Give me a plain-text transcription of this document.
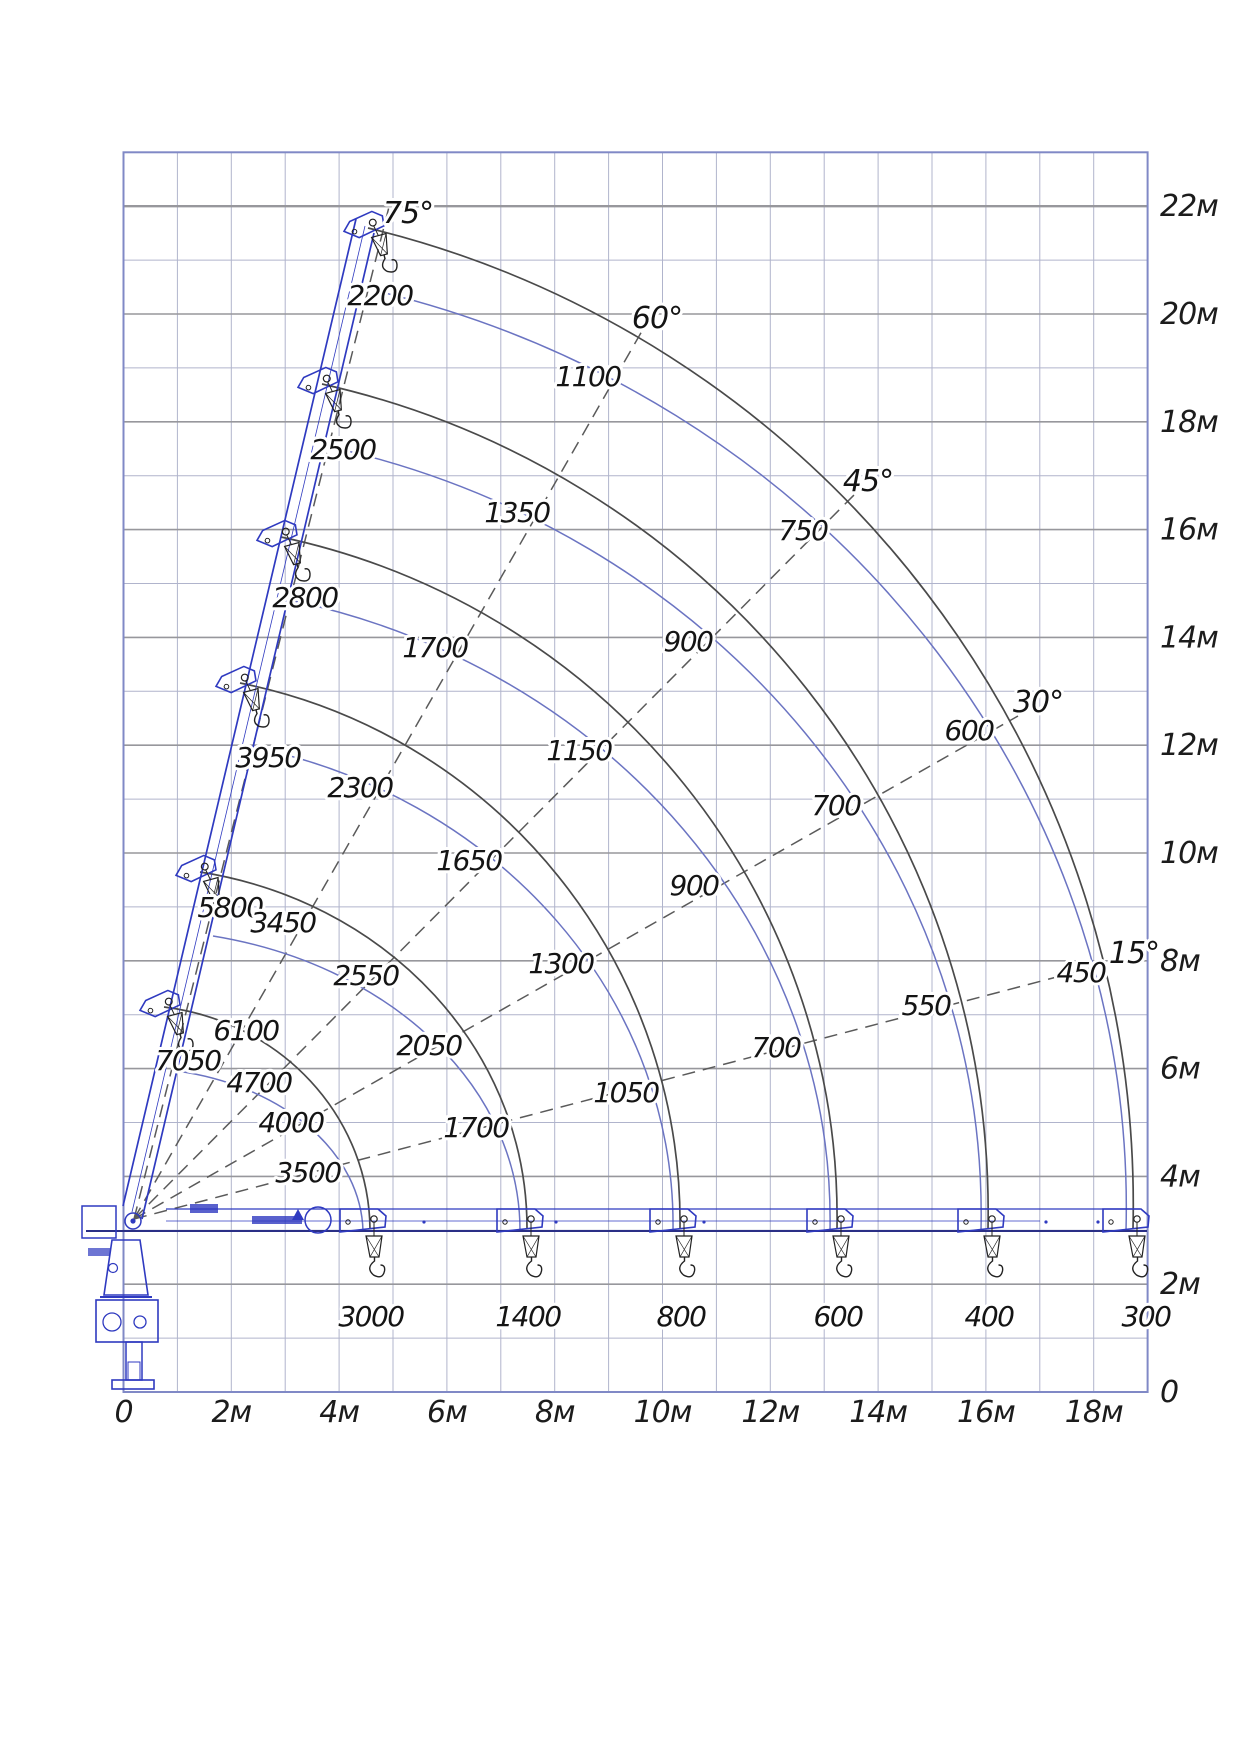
2200
1100
750
600
450
300
2500
1350
900
700
550
400
2800
1700
1150
900
700
600
3950
2300
1650
1300
1050
800
5800
3450
2550
2050
1700
1400
7050
6100
4700
4000
3500
3000
75°
60°
45°
30°
15°
0	2м 4м 6м 8м 10м 12м 14м 16м 18м
22м
20м
18м
16м
14м
12м
10м
8м
6м
4м
2м
0
